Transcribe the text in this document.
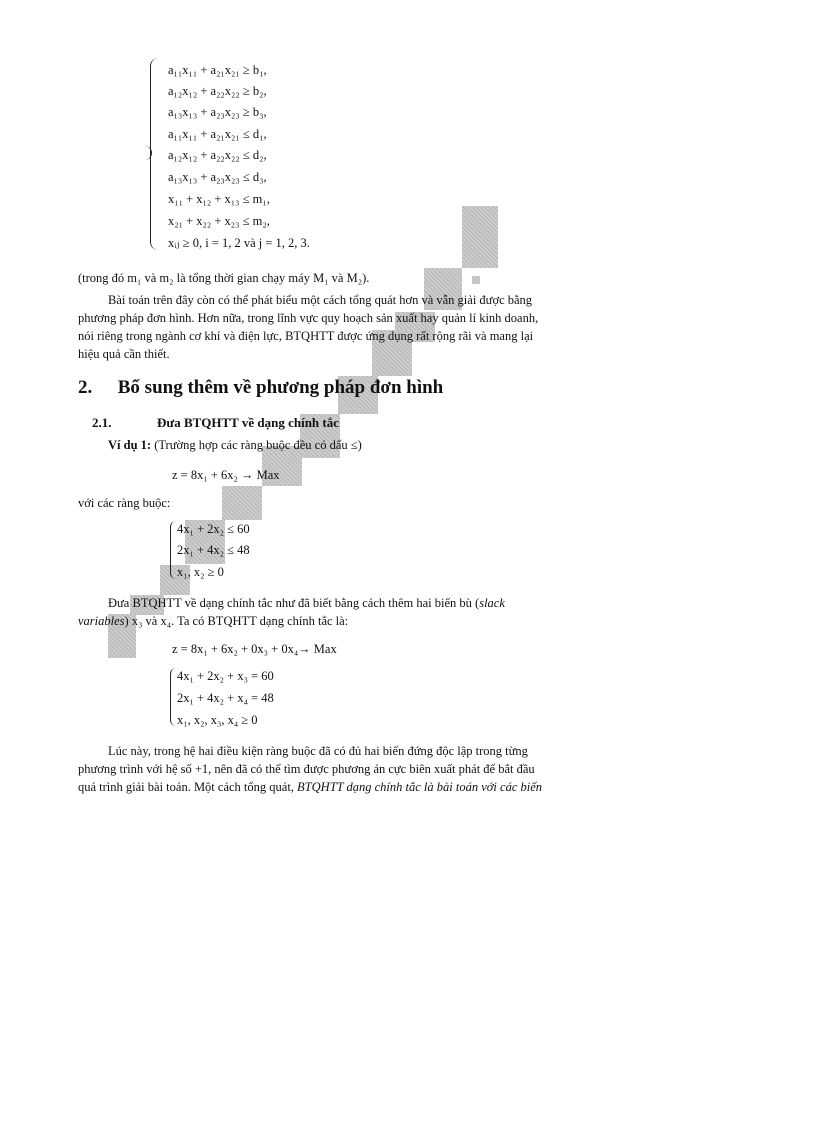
a₁₁x₁₁ + a₂₁x₂₁ ≥ b₁,
a₁₂x₁₂ + a₂₂x₂₂ ≥ b₂,
a₁₃x₁₃ + a₂₃x₂₃ ≥ b₃,
a₁₁x₁₁ + a₂₁x₂₁ ≤ d₁,
a₁₂x₁₂ + a₂₂x₂₂ ≤ d₂,
a₁₃x₁₃ + a₂₃x₂₃ ≤ d₃,
x₁₁ + x₁₂ + x₁₃ ≤ m₁,
x₂₁ + x₂₂ + x₂₃ ≤ m₂,
xᵢⱼ ≥ 0, i = 1, 2 và j = 1, 2, 3.
(trong đó m₁ và m₂ là tổng thời gian chạy máy M₁ và M₂).
Bài toán trên đây còn có thể phát biểu một cách tổng quát hơn và vẫn giải được bằng
phương pháp đơn hình. Hơn nữa, trong lĩnh vực quy hoạch sản xuất hay quản lí kinh doanh,
nói riêng trong ngành cơ khí và điện lực, BTQHTT được ứng dụng rất rộng rãi và mang lại
hiệu quả cần thiết.
2. Bổ sung thêm về phương pháp đơn hình
2.1.	Đưa BTQHTT về dạng chính tắc
Ví dụ 1: (Trường hợp các ràng buộc đều có dấu ≤)
z = 8x₁ + 6x₂ → Max
với các ràng buộc:
4x₁ + 2x₂ ≤ 60
2x₁ + 4x₂ ≤ 48
x₁, x₂ ≥ 0
Đưa BTQHTT về dạng chính tắc như đã biết bằng cách thêm hai biến bù (slack
variables) x₃ và x₄. Ta có BTQHTT dạng chính tắc là:
z = 8x₁ + 6x₂ + 0x₃ + 0x₄→ Max
4x₁ + 2x₂ + x₃ = 60
2x₁ + 4x₂ + x₄ = 48
x₁, x₂, x₃, x₄ ≥ 0
Lúc này, trong hệ hai điều kiện ràng buộc đã có đủ hai biến đứng độc lập trong từng
phương trình với hệ số +1, nên đã có thể tìm được phương án cực biên xuất phát để bắt đầu
quá trình giải bài toán. Một cách tổng quát, BTQHTT dạng chính tắc là bài toán với các biến
